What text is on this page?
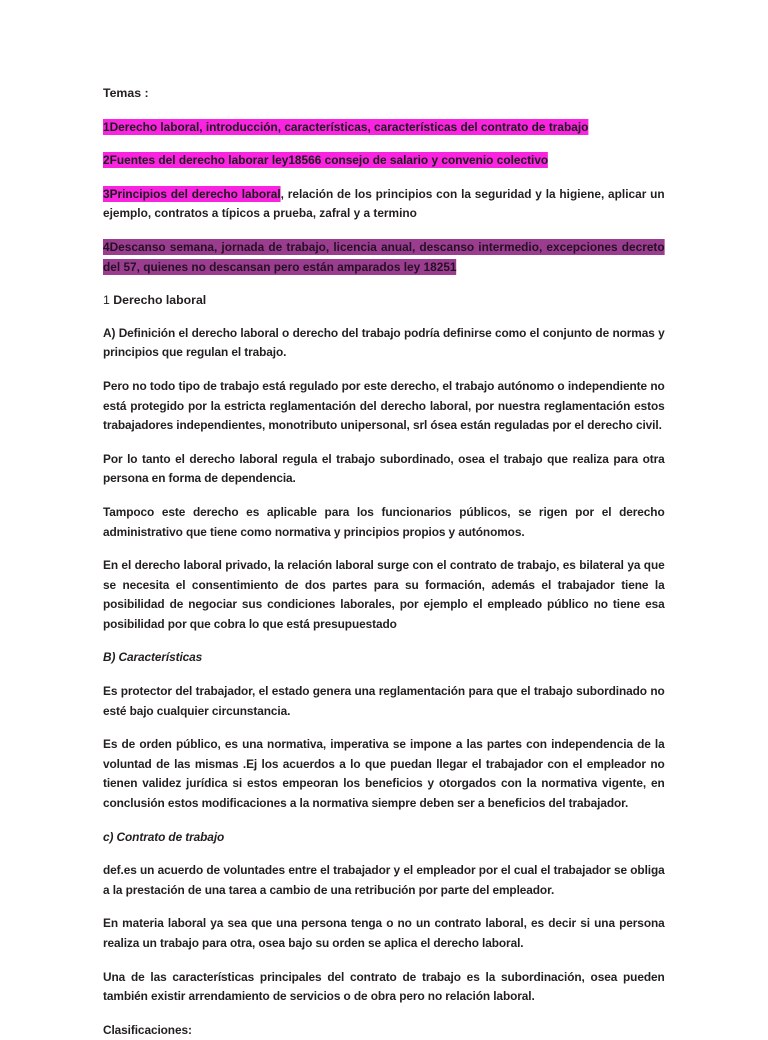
Temas :

1Derecho laboral, introducción, características, características del contrato de trabajo

2Fuentes del derecho laborar ley18566 consejo de salario y convenio colectivo

3Principios del derecho laboral, relación de los principios con la seguridad y la higiene, aplicar un ejemplo, contratos a típicos a prueba, zafral y a termino

4Descanso semana, jornada de trabajo, licencia anual, descanso intermedio, excepciones decreto del 57, quienes no descansan pero están amparados ley 18251

1 Derecho laboral

A) Definición el derecho laboral o derecho del trabajo podría definirse como el conjunto de normas y principios que regulan el trabajo.

Pero no todo tipo de trabajo está regulado por este derecho, el trabajo autónomo o independiente no está protegido por la estricta reglamentación del derecho laboral, por nuestra reglamentación estos trabajadores independientes, monotributo unipersonal, srl ósea están reguladas por el derecho civil.

Por lo tanto el derecho laboral regula el trabajo subordinado, osea el trabajo que realiza para otra persona en forma de dependencia.

Tampoco este derecho es aplicable para los funcionarios públicos, se rigen por el derecho administrativo que tiene como normativa y principios propios y autónomos.

En el derecho laboral privado, la relación laboral surge con el contrato de trabajo, es bilateral ya que se necesita el consentimiento de dos partes para su formación, además el trabajador tiene la posibilidad de negociar sus condiciones laborales, por ejemplo el empleado público no tiene esa posibilidad por que cobra lo que está presupuestado

B) Características

Es protector del trabajador, el estado genera una reglamentación para que el trabajo subordinado no esté bajo cualquier circunstancia.

Es de orden público, es una normativa, imperativa se impone a las partes con independencia de la voluntad de las mismas .Ej los acuerdos a lo que puedan llegar el trabajador con el empleador no tienen validez jurídica si estos empeoran los beneficios y otorgados con la normativa vigente, en conclusión estos modificaciones a la normativa siempre deben ser a beneficios del trabajador.

c) Contrato de trabajo

def.es un acuerdo de voluntades entre el trabajador y el empleador por el cual el trabajador se obliga a la prestación de una tarea a cambio de una retribución por parte del empleador.

En materia laboral ya sea que una persona tenga o no un contrato laboral, es decir si una persona realiza un trabajo para otra, osea bajo su orden se aplica el derecho laboral.

Una de las características principales del contrato de trabajo es la subordinación, osea pueden también existir arrendamiento de servicios o de obra pero no relación laboral.

Clasificaciones:
